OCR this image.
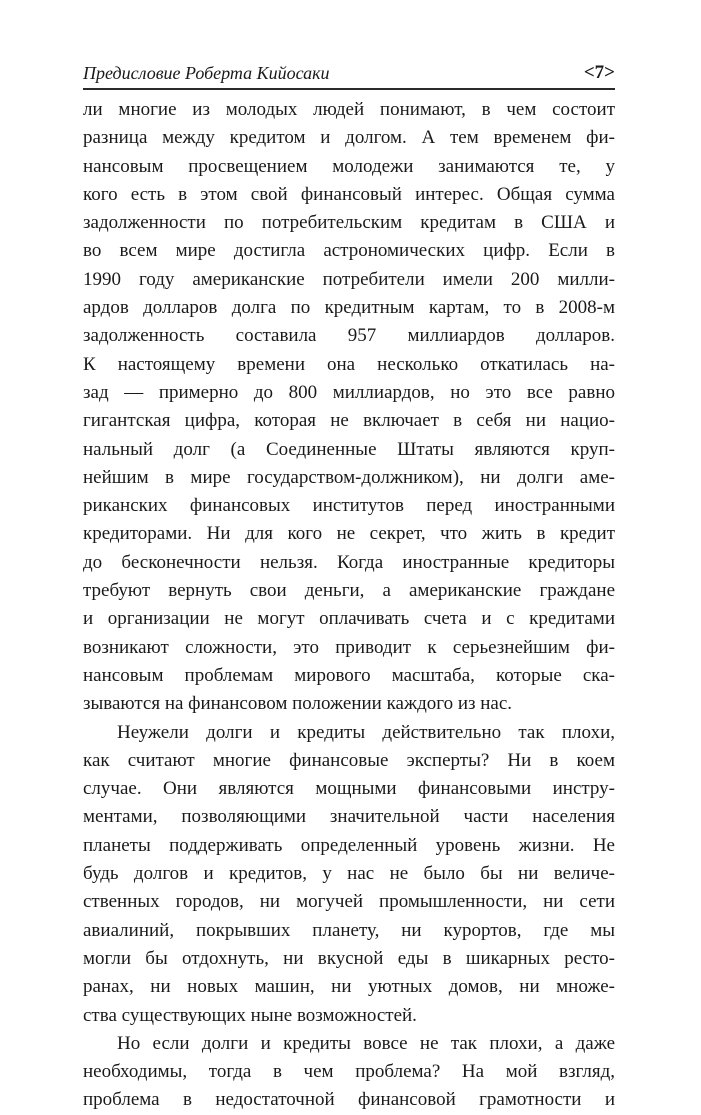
Предисловие Роберта Кийосаки	<7>
ли многие из молодых людей понимают, в чем состоит
разница между кредитом и долгом. А тем временем фи-
нансовым просвещением молодежи занимаются те, у
кого есть в этом свой финансовый интерес. Общая сумма
задолженности по потребительским кредитам в США и
во всем мире достигла астрономических цифр. Если в
1990 году американские потребители имели 200 милли-
ардов долларов долга по кредитным картам, то в 2008-м
задолженность составила 957 миллиардов долларов.
К настоящему времени она несколько откатилась на-
зад — примерно до 800 миллиардов, но это все равно
гигантская цифра, которая не включает в себя ни нацио-
нальный долг (а Соединенные Штаты являются круп-
нейшим в мире государством-должником), ни долги аме-
риканских финансовых институтов перед иностранными
кредиторами. Ни для кого не секрет, что жить в кредит
до бесконечности нельзя. Когда иностранные кредиторы
требуют вернуть свои деньги, а американские граждане
и организации не могут оплачивать счета и с кредитами
возникают сложности, это приводит к серьезнейшим фи-
нансовым проблемам мирового масштаба, которые ска-
зываются на финансовом положении каждого из нас.
Неужели долги и кредиты действительно так плохи,
как считают многие финансовые эксперты? Ни в коем
случае. Они являются мощными финансовыми инстру-
ментами, позволяющими значительной части населения
планеты поддерживать определенный уровень жизни. Не
будь долгов и кредитов, у нас не было бы ни величе-
ственных городов, ни могучей промышленности, ни сети
авиалиний, покрывших планету, ни курортов, где мы
могли бы отдохнуть, ни вкусной еды в шикарных ресто-
ранах, ни новых машин, ни уютных домов, ни множе-
ства существующих ныне возможностей.
Но если долги и кредиты вовсе не так плохи, а даже
необходимы, тогда в чем проблема? На мой взгляд,
проблема в недостаточной финансовой грамотности и
